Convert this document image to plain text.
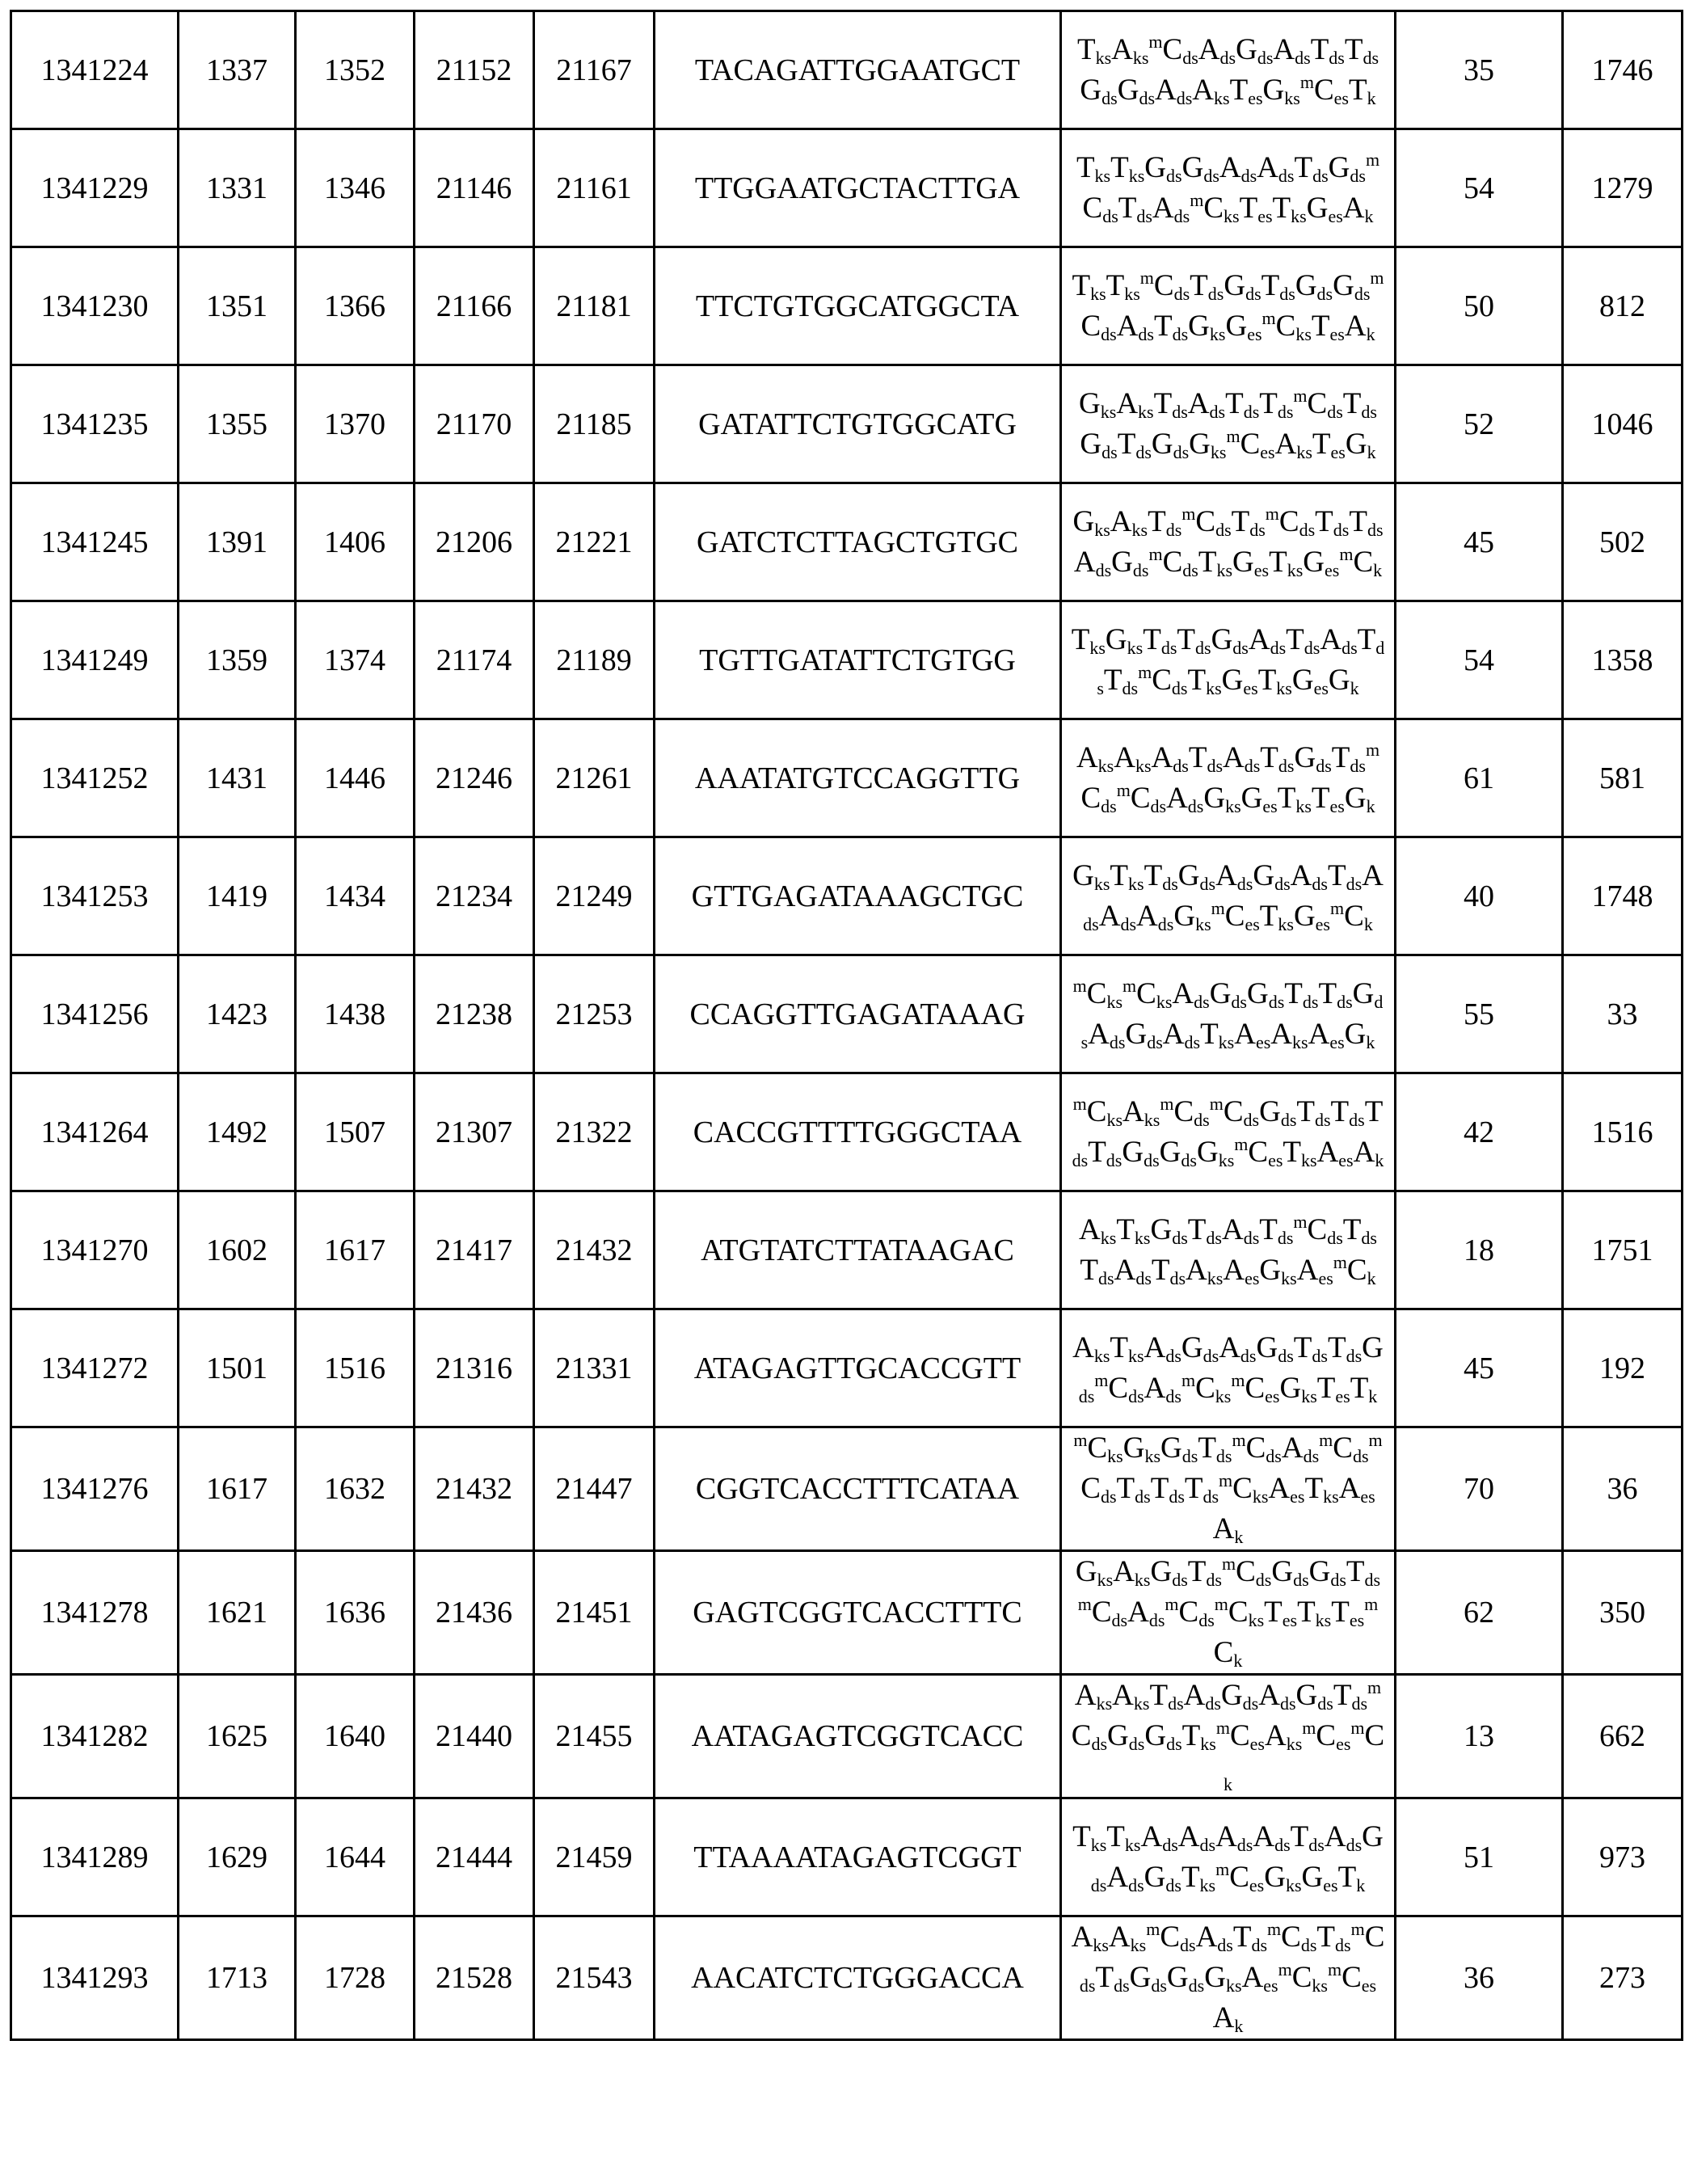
1341224	1337	1352	21152	21167	TACAGATTGGAATGCT	TksAksmCdsAdsGdsAdsTdsTdsGdsGdsAdsAksTesGksmCesTk	35	1746
1341229	1331	1346	21146	21161	TTGGAATGCTACTTGA	TksTksGdsGdsAdsAdsTdsGdsmCdsTdsAdsmCksTesTksGesAk	54	1279
1341230	1351	1366	21166	21181	TTCTGTGGCATGGCTA	TksTksmCdsTdsGdsTdsGdsGdsmCdsAdsTdsGksGesmCksTesAk	50	812
1341235	1355	1370	21170	21185	GATATTCTGTGGCATG	GksAksTdsAdsTdsTdsmCdsTdsGdsTdsGdsGksmCesAksTesGk	52	1046
1341245	1391	1406	21206	21221	GATCTCTTAGCTGTGC	GksAksTdsmCdsTdsmCdsTdsTdsAdsGdsmCdsTksGesTksGesmCk	45	502
1341249	1359	1374	21174	21189	TGTTGATATTCTGTGG	TksGksTdsTdsGdsAdsTdsAdsTdsTdsmCdsTksGesTksGesGk	54	1358
1341252	1431	1446	21246	21261	AAATATGTCCAGGTTG	AksAksAdsTdsAdsTdsGdsTdsmCdsmCdsAdsGksGesTksTesGk	61	581
1341253	1419	1434	21234	21249	GTTGAGATAAAGCTGC	GksTksTdsGdsAdsGdsAdsTdsAdsAdsAdsGksmCesTksGesmCk	40	1748
1341256	1423	1438	21238	21253	CCAGGTTGAGATAAAG	mCksmCksAdsGdsGdsTdsTdsGdsAdsGdsAdsTksAesAksAesGk	55	33
1341264	1492	1507	21307	21322	CACCGTTTTGGGCTAA	mCksAksmCdsmCdsGdsTdsTdsTdsTdsGdsGdsGksmCesTksAesAk	42	1516
1341270	1602	1617	21417	21432	ATGTATCTTATAAGAC	AksTksGdsTdsAdsTdsmCdsTdsTdsAdsTdsAksAesGksAesmCk	18	1751
1341272	1501	1516	21316	21331	ATAGAGTTGCACCGTT	AksTksAdsGdsAdsGdsTdsTdsGdsmCdsAdsmCksmCesGksTesTk	45	192
1341276	1617	1632	21432	21447	CGGTCACCTTTCATAA	mCksGksGdsTdsmCdsAdsmCdsmCdsTdsTdsTdsmCksAesTksAesAk	70	36
1341278	1621	1636	21436	21451	GAGTCGGTCACCTTTC	GksAksGdsTdsmCdsGdsGdsTdsmCdsAdsmCdsmCksTesTksTesmCk	62	350
1341282	1625	1640	21440	21455	AATAGAGTCGGTCACC	AksAksTdsAdsGdsAdsGdsTdsmCdsGdsGdsTksmCesAksmCesmCk	13	662
1341289	1629	1644	21444	21459	TTAAAATAGAGTCGGT	TksTksAdsAdsAdsAdsTdsAdsGdsAdsGdsTksmCesGksGesTk	51	973
1341293	1713	1728	21528	21543	AACATCTCTGGGACCA	AksAksmCdsAdsTdsmCdsTdsmCdsTdsGdsGdsGksAesmCksmCesAk	36	273
